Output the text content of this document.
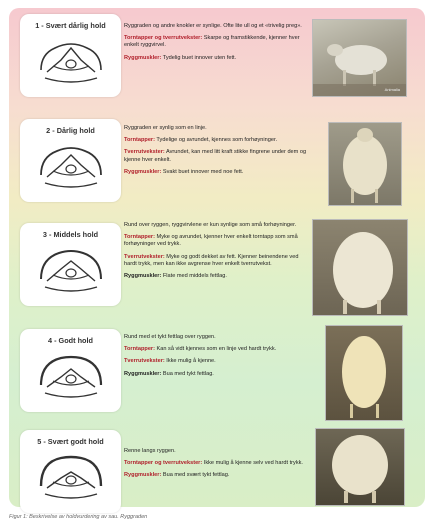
1 - Svært dårlig hold	Ryggraden og andre knokler er synlige. Ofte lite ull og et «trivelig preg».

Torntapper og tverrutvekster: Skarpe og framstikkende, kjenner hver enkelt ryggvirvel.

Ryggmuskler: Tydelig buet innover uten fett.

Animalia
2 - Dårlig hold	Ryggraden er synlig som en linje.

Torntapper: Tydelige og avrundet, kjennes som forhøyninger.

Tverrutvekster: Avrundet, kan med litt kraft stikke fingrene under dem og kjenne hver enkelt.

Ryggmuskler: Svakt buet innover med noe fett.

3 - Middels hold

Rund over ryggen, ryggvirvlene er kun synlige som små forhøyninger.

Torntapper: Myke og avrundet, kjenner hver enkelt torntapp som små forhøyninger ved trykk.

Tverrutvekster: Myke og godt dekket av fett. Kjenner beinendene ved hardt trykk, men kan ikke avgrense hver enkelt tverrutvekst.

Ryggmuskler: Flate med middels fettlag.

4 - Godt hold	Rund med et tykt fettlag over ryggen.

Torntapper: Kan så vidt kjennes som en linje ved hardt trykk.

Tverrutvekster: Ikke mulig å kjenne.

Ryggmuskler: Bua med tykt fettlag.

5 - Svært godt hold

Renne langs ryggen.

Torntapper og tverrutvekster: Ikke mulig å kjenne selv ved hardt trykk.

Ryggmuskler: Bua med svært tykt fettlag.

Figur 1: Beskrivelse av holdvurdering av sau. Ryggraden
